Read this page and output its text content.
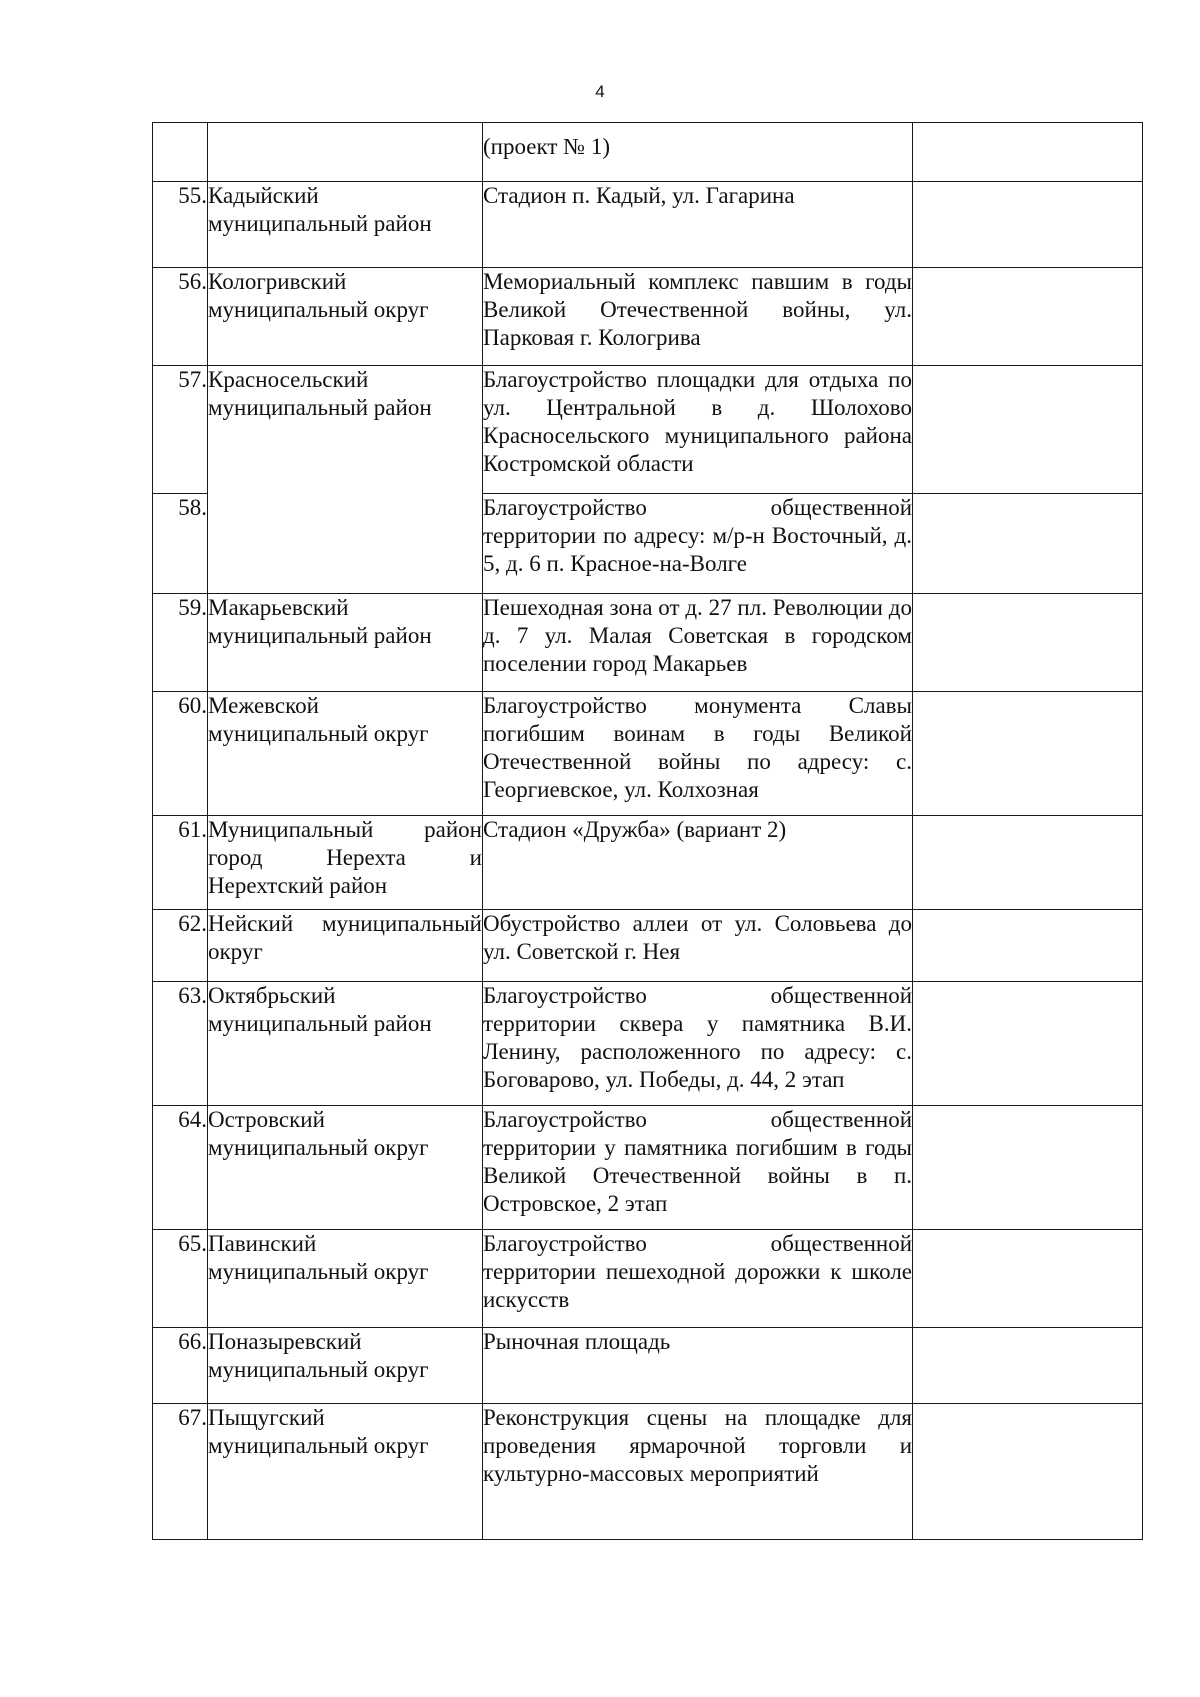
4
		(проект № 1)	
55.	Кадыйский муниципальный район	Стадион п. Кадый, ул. Гагарина	
56.	Кологривский муниципальный округ	Мемориальный комплекс павшим в годы Великой Отечественной войны, ул. Парковая г. Кологрива	
57.	Красносельский муниципальный район	Благоустройство площадки для отдыха по ул. Центральной в д. Шолохово Красносельского муниципального района Костромской области	
58.		Благоустройство общественной территории по адресу: м/р-н Восточный, д. 5, д. 6 п. Красное-на-Волге	
59.	Макарьевский муниципальный район	Пешеходная зона от д. 27 пл. Революции до д. 7 ул. Малая Советская в городском поселении город Макарьев	
60.	Межевской муниципальный округ	Благоустройство монумента Славы погибшим воинам в годы Великой Отечественной войны по адресу: с. Георгиевское, ул. Колхозная	
61.	Муниципальный район город Нерехта и Нерехтский район	Стадион «Дружба» (вариант 2)	
62.	Нейский муниципальный округ	Обустройство аллеи от ул. Соловьева до ул. Советской г. Нея	
63.	Октябрьский муниципальный район	Благоустройство общественной территории сквера у памятника В.И. Ленину, расположенного по адресу: с. Боговарово, ул. Победы, д. 44, 2 этап	
64.	Островский муниципальный округ	Благоустройство общественной территории у памятника погибшим в годы Великой Отечественной войны в п. Островское, 2 этап	
65.	Павинский муниципальный округ	Благоустройство общественной территории пешеходной дорожки к школе искусств	
66.	Поназыревский муниципальный округ	Рыночная площадь	
67.	Пыщугский муниципальный округ	Реконструкция сцены на площадке для проведения ярмарочной торговли и культурно-массовых мероприятий	
